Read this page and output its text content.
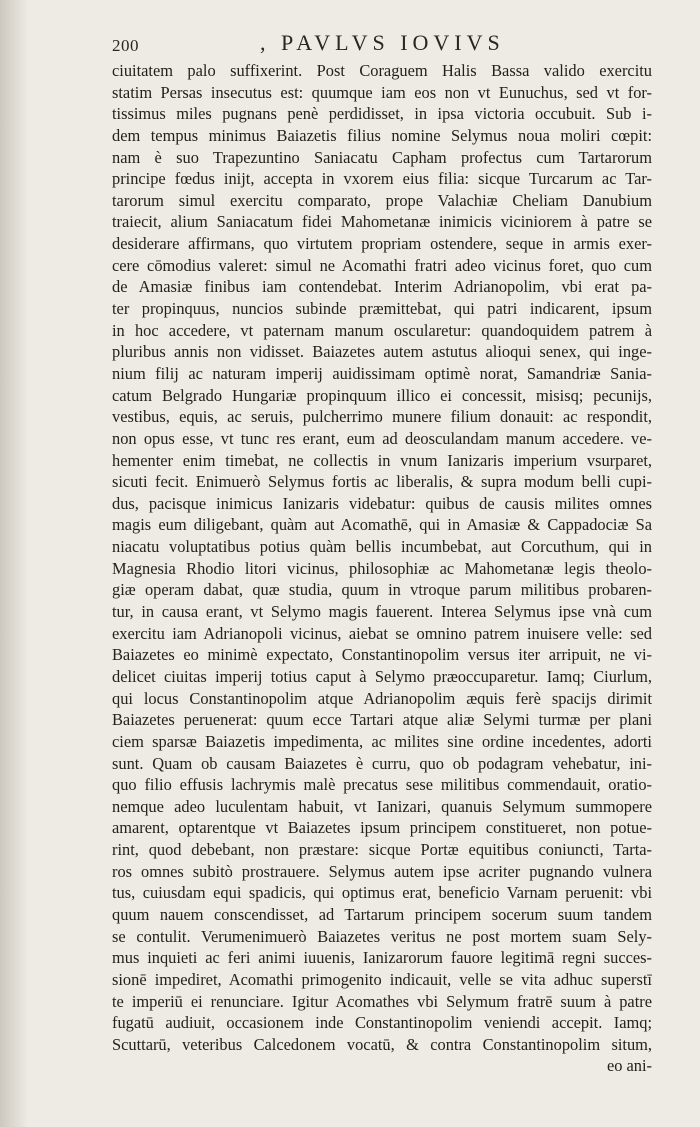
200	, PAVLVS IOVIVS
ciuitatem palo suffixerint. Post Coraguem Halis Bassa valido exercitu
statim Persas insecutus est: quumque iam eos non vt Eunuchus, sed vt for-
tissimus miles pugnans penè perdidisset, in ipsa victoria occubuit. Sub i-
dem tempus minimus Baiazetis filius nomine Selymus noua moliri cœpit:
nam è suo Trapezuntino Saniacatu Capham profectus cum Tartarorum
principe fœdus inijt, accepta in vxorem eius filia: sicque Turcarum ac Tar-
tarorum simul exercitu comparato, prope Valachiæ Cheliam Danubium
traiecit, alium Saniacatum fidei Mahometanæ inimicis viciniorem à patre se
desiderare affirmans, quo virtutem propriam ostendere, seque in armis exer-
cere cōmodius valeret: simul ne Acomathi fratri adeo vicinus foret, quo cum
de Amasiæ finibus iam contendebat. Interim Adrianopolim, vbi erat pa-
ter propinquus, nuncios subinde præmittebat, qui patri indicarent, ipsum
in hoc accedere, vt paternam manum oscularetur: quandoquidem patrem à
pluribus annis non vidisset. Baiazetes autem astutus alioqui senex, qui inge-
nium filij ac naturam imperij auidissimam optimè norat, Samandriæ Sania-
catum Belgrado Hungariæ propinquum illico ei concessit, misisq; pecunijs,
vestibus, equis, ac seruis, pulcherrimo munere filium donauit: ac respondit,
non opus esse, vt tunc res erant, eum ad deosculandam manum accedere. ve-
hementer enim timebat, ne collectis in vnum Ianizaris imperium vsurparet,
sicuti fecit. Enimuerò Selymus fortis ac liberalis, & supra modum belli cupi-
dus, pacisque inimicus Ianizaris videbatur: quibus de causis milites omnes
magis eum diligebant, quàm aut Acomathē, qui in Amasiæ & Cappadociæ Sa
niacatu voluptatibus potius quàm bellis incumbebat, aut Corcuthum, qui in
Magnesia Rhodio litori vicinus, philosophiæ ac Mahometanæ legis theolo-
giæ operam dabat, quæ studia, quum in vtroque parum militibus probaren-
tur, in causa erant, vt Selymo magis fauerent. Interea Selymus ipse vnà cum
exercitu iam Adrianopoli vicinus, aiebat se omnino patrem inuisere velle: sed
Baiazetes eo minimè expectato, Constantinopolim versus iter arripuit, ne vi-
delicet ciuitas imperij totius caput à Selymo præoccuparetur. Iamq; Ciurlum,
qui locus Constantinopolim atque Adrianopolim æquis ferè spacijs dirimit
Baiazetes peruenerat: quum ecce Tartari atque aliæ Selymi turmæ per plani
ciem sparsæ Baiazetis impedimenta, ac milites sine ordine incedentes, adorti
sunt. Quam ob causam Baiazetes è curru, quo ob podagram vehebatur, ini-
quo filio effusis lachrymis malè precatus sese militibus commendauit, oratio-
nemque adeo luculentam habuit, vt Ianizari, quanuis Selymum summopere
amarent, optarentque vt Baiazetes ipsum principem constitueret, non potue-
rint, quod debebant, non præstare: sicque Portæ equitibus coniuncti, Tarta-
ros omnes subitò prostrauere. Selymus autem ipse acriter pugnando vulnera
tus, cuiusdam equi spadicis, qui optimus erat, beneficio Varnam peruenit: vbi
quum nauem conscendisset, ad Tartarum principem socerum suum tandem
se contulit. Verumenimuerò Baiazetes veritus ne post mortem suam Sely-
mus inquieti ac feri animi iuuenis, Ianizarorum fauore legitimā regni succes-
sionē impediret, Acomathi primogenito indicauit, velle se vita adhuc superstī
te imperiū ei renunciare. Igitur Acomathes vbi Selymum fratrē suum à patre
fugatū audiuit, occasionem inde Constantinopolim veniendi accepit. Iamq;
Scuttarū, veteribus Calcedonem vocatū, & contra Constantinopolim situm,
eo ani-
